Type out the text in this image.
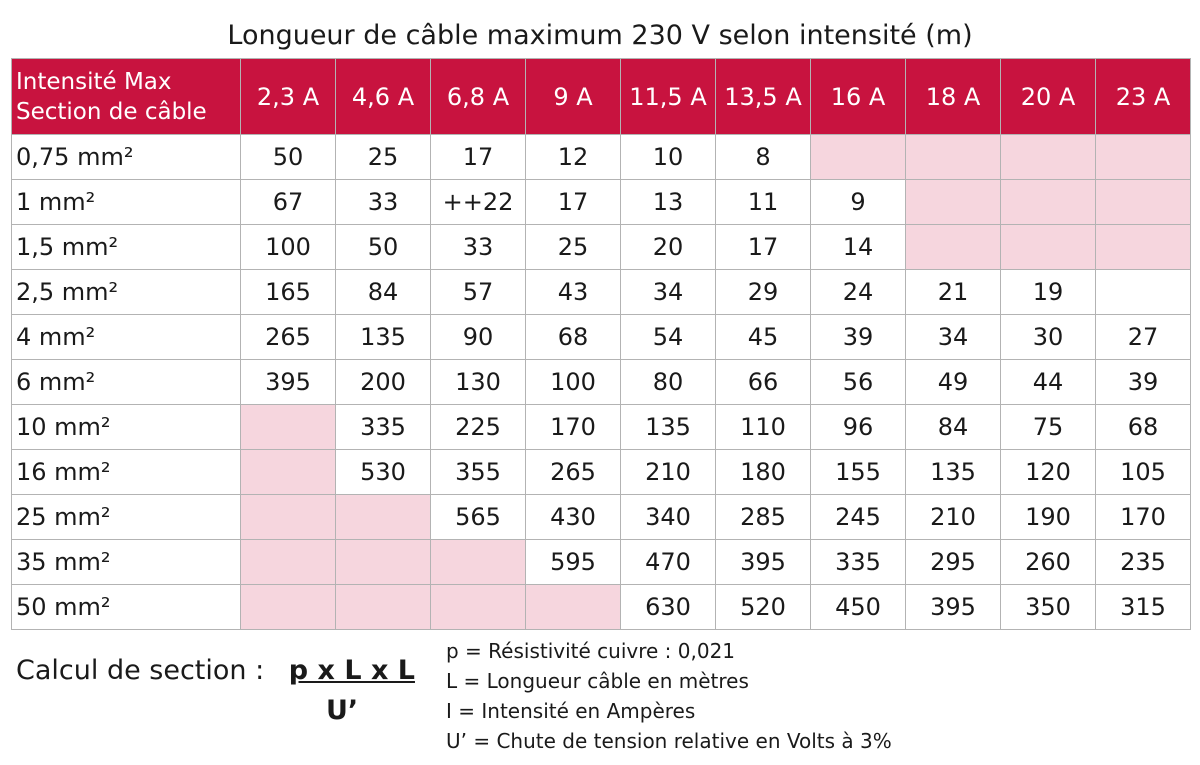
Longueur de câble maximum 230 V selon intensité (m)
Intensité Max
Section de câble	2,3 A	4,6 A	6,8 A	9 A	11,5 A	13,5 A	16 A	18 A	20 A	23 A
0,75 mm²	50	25	17	12	10	8				
1 mm²	67	33	++22	17	13	11	9			
1,5 mm²	100	50	33	25	20	17	14			
2,5 mm²	165	84	57	43	34	29	24	21	19	
4 mm²	265	135	90	68	54	45	39	34	30	27
6 mm²	395	200	130	100	80	66	56	49	44	39
10 mm²		335	225	170	135	110	96	84	75	68
16 mm²		530	355	265	210	180	155	135	120	105
25 mm²			565	430	340	285	245	210	190	170
35 mm²				595	470	395	335	295	260	235
50 mm²					630	520	450	395	350	315
Calcul de section : p x L x L
U’
p = Résistivité cuivre : 0,021
L = Longueur câble en mètres
I = Intensité en Ampères
U’ = Chute de tension relative en Volts à 3%
